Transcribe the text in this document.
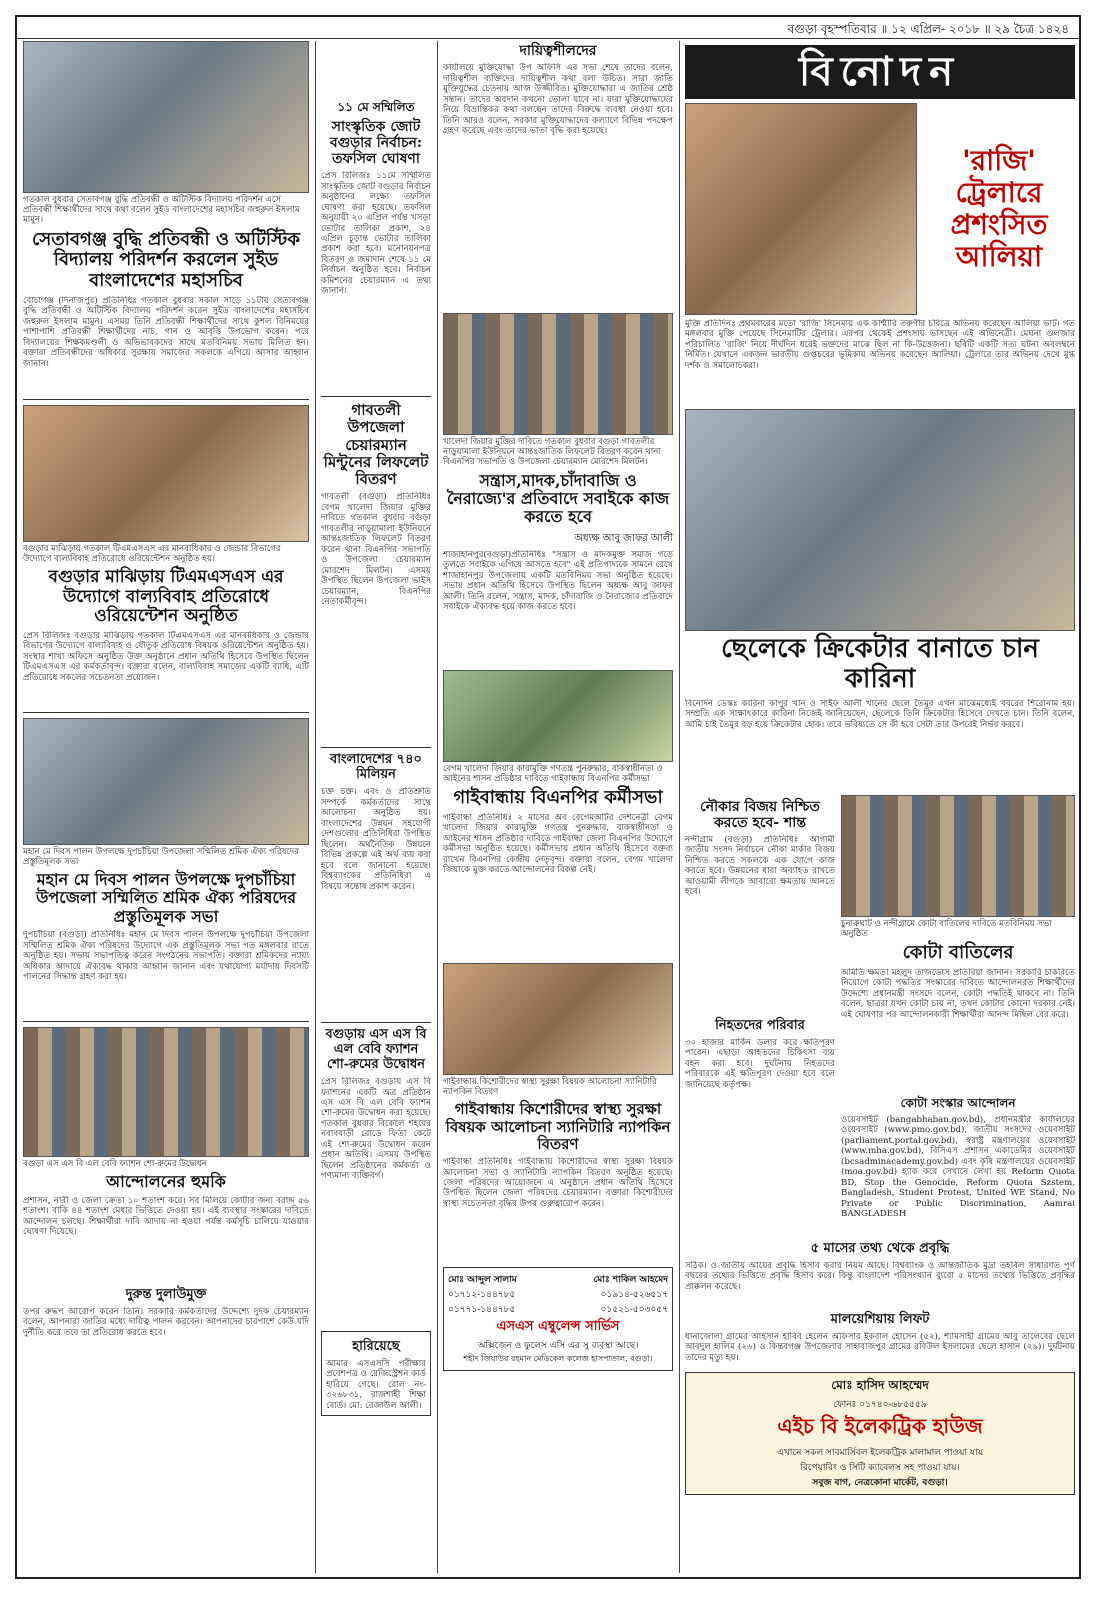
বগুড়া বৃহস্পতিবার ॥ ১২ এপ্রিল- ২০১৮ ॥ ২৯ চৈত্র ১৪২৪
গতকাল বুধবার সেতাবগঞ্জ বুদ্ধি প্রতিবন্ধী ও অটিস্টিক বিদ্যালয় পরিদর্শন এসে প্রতিবন্ধী শিক্ষার্থীদের সাথে কথা বলেন সুইড বাংলাদেশের মহাসচিব জহুরুল ইসলাম মামুন।
সেতাবগঞ্জ বুদ্ধি প্রতিবন্ধী ও অটিস্টিক বিদ্যালয় পরিদর্শন করলেন সুইড বাংলাদেশের মহাসচিব
বোচাগঞ্জ (দিনাজপুর) প্রতিনিধিঃ গতকাল বুধবার সকাল সাড়ে ১১টায় সেতাবগঞ্জ বুদ্ধি প্রতিবন্ধী ও অটিস্টিক বিদ্যালয় পরিদর্শন করেন সুইড বাংলাদেশের মহাসচিব জহুরুল ইসলাম মামুন। এসময় তিনি প্রতিবন্ধী শিক্ষার্থীদের সাথে কুশল বিনিময়ের পাশাপাশি প্রতিবন্ধী শিক্ষার্থীদের নাচ, গান ও আবৃত্তি উপভোগ করেন। পরে বিদ্যালয়ের শিক্ষকমণ্ডলী ও অভিভাবকদের সাথে মতবিনিময় সভায় মিলিত হন। বক্তারা প্রতিবন্ধীদের অধিকার সুরক্ষায় সমাজের সকলকে এগিয়ে আসার আহ্বান জানান।
বগুড়ার মাঝিড়ায় গতকাল টিএমএসএস এর মানবাধিকার ও জেন্ডার বিভাগের উদ্যোগে বাল্যবিবাহ প্রতিরোধে ওরিয়েন্টেশন অনুষ্ঠিত হয়।
বগুড়ার মাঝিড়ায় টিএমএসএস এর উদ্যোগে বাল্যবিবাহ প্রতিরোধে ওরিয়েন্টেশন অনুষ্ঠিত
প্রেস রিলিজঃ বগুড়ার মাঝিড়ায় গতকাল টিএমএসএস এর মানবাধিকার ও জেন্ডার বিভাগের উদ্যোগে বাল্যবিবাহ ও যৌতুক প্রতিরোধ বিষয়ক ওরিয়েন্টেশন অনুষ্ঠিত হয়। সংস্থার শাখা অফিসে অনুষ্ঠিত উক্ত অনুষ্ঠানে প্রধান অতিথি হিসেবে উপস্থিত ছিলেন টিএমএসএস এর কর্মকর্তাবৃন্দ। বক্তারা বলেন, বাল্যবিবাহ সমাজের একটি ব্যাধি, এটি প্রতিরোধে সকলের সচেতনতা প্রয়োজন।
মহান মে দিবস পালন উপলক্ষে দুপচাঁচিয়া উপজেলা সম্মিলিত শ্রমিক ঐক্য পরিষদের প্রস্তুতিমূলক সভা
মহান মে দিবস পালন উপলক্ষে দুপচাঁচিয়া উপজেলা সম্মিলিত শ্রমিক ঐক্য পরিষদের প্রস্তুতিমূলক সভা
দুপচাঁচিয়া (বগুড়া) প্রতিনিধিঃ মহান মে দিবস পালন উপলক্ষে দুপচাঁচিয়া উপজেলা সম্মিলিত শ্রমিক ঐক্য পরিষদের উদ্যোগে এক প্রস্তুতিমূলক সভা গত মঙ্গলবার রাতে অনুষ্ঠিত হয়। সভায় সভাপতিত্ব করেন সংগঠনের সভাপতি। বক্তারা শ্রমিকদের ন্যায্য অধিকার আদায়ে ঐক্যবদ্ধ থাকার আহ্বান জানান এবং যথাযোগ্য মর্যাদায় দিবসটি পালনের সিদ্ধান্ত গ্রহণ করা হয়।
বগুড়া এস এস বি এল বেবি ফ্যাশন শো-রুমের উদ্বোধন
আন্দোলনের হুমকি
প্রশাসন, নারী ও জেলা ক্রেতা ১০ শতাংশ করে। সব মিলিয়ে কোটার জন্য বরাদ্দ ৫৬ শতাংশ। বাকি ৪৪ শতাংশ মেধার ভিত্তিতে দেওয়া হয়। এই ব্যবস্থার সংস্কারের দাবিতে আন্দোলন চলছে। শিক্ষার্থীরা দাবি আদায় না হওয়া পর্যন্ত কর্মসূচি চালিয়ে যাওয়ার ঘোষণা দিয়েছে।
দুরুন্ত দুলাউমুক্ত
তপর রুদ্ধপ আরোপ করেন তিনি। সরকারি কর্মকর্তাদের উদ্দেশ্যে দুদক চেয়ারম্যান বলেন, আপনারা জাতির মধ্যে দায়িত্ব পালন করবেন। আপনাদের চারপাশে কেউ যদি দুর্নীতি করে তবে তা প্রতিরোধ করতে হবে।
১১ মে সম্মিলিত
সাংস্কৃতিক জোট বগুড়ার নির্বাচন: তফসিল ঘোষণা
প্রেস রিলিজঃ ১১মে সম্মিলিত সাংস্কৃতিক জোট বগুড়ার নির্বাচন অনুষ্ঠানের লক্ষ্যে তফসিল ঘোষণা করা হয়েছে। তফসিল অনুযায়ী ২০ এপ্রিল পর্যন্ত খসড়া ভোটার তালিকা প্রকাশ, ২৪ এপ্রিল চূড়ান্ত ভোটার তালিকা প্রকাশ করা হবে। মনোনয়নপত্র বিতরণ ও জমাদান শেষে ১১ মে নির্বাচন অনুষ্ঠিত হবে। নির্বাচন কমিশনের চেয়ারম্যান এ তথ্য জানান।
গাবতলী উপজেলা চেয়ারম্যান মিন্টুনের লিফলেট বিতরণ
গাবতলী (বগুড়া) প্রতিনিধিঃ বেগম খালেদা জিয়ার মুক্তির দাবিতে গতকাল বুধবার বগুড়া গাবতলীর নাড়ুয়ামালা ইউনিয়নে আন্তঃজাতিক লিফলেট বিতরণ করেন থানা বিএনপির সভাপতি ও উপজেলা চেয়ারম্যান মোরশেদ মিলটন। এসময় উপস্থিত ছিলেন উপজেলা ভাইস চেয়ারম্যান, বিএনপির নেতাকর্মীবৃন্দ।
বাংলাদেশের ৭৪০ মিলিয়ন
চক্ত চক্ত। এবং ও প্রতিশ্রুতি সম্পর্কে কর্মকর্তাদের সাথে আলোচনা অনুষ্ঠিত হয়। বাংলাদেশের উন্নয়ন সহযোগী দেশগুলোর প্রতিনিধিরা উপস্থিত ছিলেন। অর্থনৈতিক উন্নয়নে বিভিন্ন প্রকল্পে এই অর্থ ব্যয় করা হবে বলে জানানো হয়েছে। বিশ্বব্যাংকের প্রতিনিধিরা এ বিষয়ে সন্তোষ প্রকাশ করেন।
বগুড়ায় এস এস বি এল বেবি ফ্যাশন শো-রুমের উদ্বোধন
প্রেস রিলিজঃ বগুড়ায় এস বি ফ্যাশনের একটি অত্র প্রতিষ্ঠান এস এস বি এল বেবি ফ্যাশন শো-রুমের উদ্বোধন করা হয়েছে। গতকাল বুধবার বিকেলে শহরের নবাববাড়ী রোডে ফিতা কেটে এই শো-রুমের উদ্বোধন করেন প্রধান অতিথি। এসময় উপস্থিত ছিলেন প্রতিষ্ঠানের কর্মকর্তা ও গণ্যমান্য ব্যক্তিবর্গ।
হারিয়েছে
আমার এসএসসি পরীক্ষার প্রবেশপত্র ও রেজিস্ট্রেশন কার্ড হারিয়ে গেছে। রোল নং- ৩২৬৮৩১, রাজশাহী শিক্ষা বোর্ড। মো: রেজাউল আলী।
দায়িত্বশীলদের
কার্যালয়ে মুক্তিযোদ্ধা উপ অফিসি এর সভা শেষে তাদের বলেন, দায়িত্বশীল ব্যক্তিদের দায়িত্বশীল কথা বলা উচিত। সারা জাতি মুক্তিযুদ্ধের চেতনায় আজ উজ্জীবিত। মুক্তিযোদ্ধারা এ জাতির শ্রেষ্ঠ সন্তান। তাদের অবদান কখনো ভোলা যাবে না। যারা মুক্তিযোদ্ধাদের নিয়ে বিভ্রান্তিকর কথা বলছেন তাদের বিরুদ্ধে ব্যবস্থা নেওয়া হবে। তিনি আরও বলেন, সরকার মুক্তিযোদ্ধাদের কল্যাণে বিভিন্ন পদক্ষেপ গ্রহণ করেছে এবং তাদের ভাতা বৃদ্ধি করা হয়েছে।
খালেদা জিয়ার মুক্তির দাবিতে গতকাল বুধবার বগুড়া গাবতলীর নাড়ুয়ামালা ইউনিয়নে আন্তঃজাতিক লিফলেট বিতরণ করেন থানা বিএনপির সভাপতি ও উপজেলা চেয়ারম্যান মোরশেদ মিলটন।
সন্ত্রাস,মাদক,চাঁদাবাজি ও নৈরাজ্যে'র প্রতিবাদে সবাইকে কাজ করতে হবে
অধ্যক্ষ আবু জাফর আলী
শাজাহানপুর(বগুড়া)প্রতিনিধিঃ "সন্ত্রাস ও মাদকমুক্ত সমাজ গড়ে তুলতে সবাইকে এগিয়ে আসতে হবে" এই প্রতিপাদ্যকে সামনে রেখে শাজাহানপুর উপজেলায় একটি মতবিনিময় সভা অনুষ্ঠিত হয়েছে। সভায় প্রধান অতিথি হিসেবে উপস্থিত ছিলেন অধ্যক্ষ আবু জাফর আলী। তিনি বলেন, সন্ত্রাস, মাদক, চাঁদাবাজি ও নৈরাজ্যের প্রতিবাদে সবাইকে ঐক্যবদ্ধ হয়ে কাজ করতে হবে।
বেগম খালেদা জিয়ার কারামুক্তি গণতন্ত্র পুনরুদ্ধার, বাকস্বাধীনতা ও আইনের শাসন প্রতিষ্ঠার দাবিতে গাইবান্ধায় বিএনপির কর্মীসভা
গাইবান্ধায় বিএনপির কর্মীসভা
গাইবান্ধা প্রতিনিধিঃ ২ মাসের অব বেগেমঅটির দেশনেত্রী বেগম খালেদা জিয়ার কারামুক্তি গণতন্ত্র পুনরুদ্ধার, বাকস্বাধীনতা ও আইনের শাসন প্রতিষ্ঠার দাবিতে গাইবান্ধা জেলা বিএনপির উদ্যোগে কর্মীসভা অনুষ্ঠিত হয়েছে। কর্মীসভায় প্রধান অতিথি হিসেবে বক্তব্য রাখেন বিএনপির কেন্দ্রীয় নেতৃবৃন্দ। বক্তারা বলেন, বেগম খালেদা জিয়াকে মুক্ত করতে আন্দোলনের বিকল্প নেই।
গাইবান্ধায় কিশোরীদের স্বাস্থ্য সুরক্ষা বিষয়ক আলোচনা স্যানিটারি ন্যাপকিন বিতরণ
গাইবান্ধায় কিশোরীদের স্বাস্থ্য সুরক্ষা বিষয়ক আলোচনা স্যানিটারি ন্যাপকিন বিতরণ
গাইবান্ধা প্রতিনিধিঃ গাইবান্ধায় কিশোরীদের স্বাস্থ্য সুরক্ষা বিষয়ক আলোচনা সভা ও স্যানিটারি ন্যাপকিন বিতরণ অনুষ্ঠিত হয়েছে। জেলা পরিষদের আয়োজনে এ অনুষ্ঠানে প্রধান অতিথি হিসেবে উপস্থিত ছিলেন জেলা পরিষদের চেয়ারম্যান। বক্তারা কিশোরীদের স্বাস্থ্য সচেতনতা বৃদ্ধির উপর গুরুত্বারোপ করেন।
মোঃ আব্দুল সালাম	মোঃ শাকিল আহমেদ
০১৭১২-১৪৪৭৮৫	০১৯১৪-৫২৬৫১৭
০১৭৭১-১৪৪৭৮৫	০১৫২১-৫০৩০৫৭
এসএস এম্বুলেন্স সার্ভিস
অক্সিজেন ও ফুলেস এসি এর সু ব্যবস্থা আছে।
শহীদ জিয়াউর রহমান মেডিকেল কলেজ হাসপাতাল, বগুড়া।
বিনোদন
'রাজি' ট্রেলারে প্রশংসিত আলিয়া
মুক্তি প্রতিদিনঃ প্রথমবারের মতো 'রাজি' সিনেমায় এক কাশ্মীরি তরুণীর চরিত্রে অভিনয় করেছেন আলিয়া ভাট। গত মঙ্গলবার মুক্তি পেয়েছে সিনেমাটির ট্রেলার। এরপর থেকেই প্রশংসায় ভাসছেন এই অভিনেত্রী। মেঘনা গুলজার পরিচালিত 'রাজি' নিয়ে দীর্ঘদিন ধরেই ভক্তদের মাঝে ছিল না কি-উত্তেজনা। ছবিটি একটি সত্য ঘটনা অবলম্বনে নির্মিত। যেখানে একজন ভারতীয় গুপ্তচরের ভূমিকায় অভিনয় করেছেন আলিয়া। ট্রেলারে তার অভিনয় দেখে মুগ্ধ দর্শক ও সমালোচকরা।
ছেলেকে ক্রিকেটার বানাতে চান কারিনা
বিনোদন ডেস্কঃ কারিনা কাপুর খান ও সাইফ আলী খানের ছেলে তৈমুর এখন মাঝেমধ্যেই খবরের শিরোনাম হয়। সম্প্রতি এক সাক্ষাৎকারে কারিনা নিজেই জানিয়েছেন, ছেলেকে তিনি ক্রিকেটার হিসেবে দেখতে চান। তিনি বলেন, আমি চাই তৈমুর বড় হয়ে ক্রিকেটার হোক। তবে ভবিষ্যতে সে কী হবে সেটা তার উপরেই নির্ভর করবে।
নৌকার বিজয় নিশ্চিত করতে হবে- শান্ত
নন্দীগ্রাম (বগুড়া) প্রতিনিধিঃ আগামী জাতীয় সংসদ নির্বাচনে নৌকা মার্কার বিজয় নিশ্চিত করতে সকলকে এক যোগে কাজ করতে হবে। উন্নয়নের ধারা অব্যাহত রাখতে আওয়ামী লীগকে আবারো ক্ষমতায় আনতে হবে।
নিহতদের পরিবার
৩০ হাজার মার্কিন ডলার করে ক্ষতিপূরণ পাবেন। এছাড়া আহতদের চিকিৎসা ব্যয় বহন করা হবে। দুর্ঘটনায় নিহতদের পরিবারকে এই ক্ষতিপূরণ দেওয়া হবে বলে জানিয়েছে কর্তৃপক্ষ।
চুনারুঘাট ও নন্দীগ্রামে কোটা বাতিলের দাবিতে মতবিনিময় সভা অনুষ্ঠিত
কোটা বাতিলের
অমিতি ক্ষমতা মহলুদ তাজডোস প্রতিরিয়া জানান। সরকারি চাকরিতে নিয়োগে কোটা পদ্ধতির সংস্কারের দাবিতে আন্দোলনরত শিক্ষার্থীদের উদ্দেশ্যে প্রধানমন্ত্রী সংসদে বলেন, কোটা পদ্ধতিই থাকবে না। তিনি বলেন, ছাত্ররা যখন কোটা চায় না, তখন কোটার কোনো দরকার নেই। এই ঘোষণার পর আন্দোলনকারী শিক্ষার্থীরা আনন্দ মিছিল বের করে।
কোটা সংস্কার আন্দোলন
ওয়েবসাইট (bangabhaban.gov.bd), প্রধানমন্ত্রীর কার্যালয়ের ওয়েবসাইট (www.pmo.gov.bd), জাতীয় সংসদের ওয়েবসাইট (parliament.portal.gov.bd), স্বরাষ্ট্র মন্ত্রণালয়ের ওয়েবসাইট (www.mha.gov.bd), বিসিএস প্রশাসন একাডেমির ওয়েবসাইট (bcsadminacademy.gov.bd) এবং কৃষি মন্ত্রণালয়ের ওয়েবসাইট (moa.gov.bd) হ্যাক করে সেখানে লেখা হয় Reform Quota BD, Stop the Genocide, Reform Quota Szstem, Bangladesh, Student Protest, United WE Stand, No Private or Public Discrimination, Aamrai BANGLADESH
৫ মাসের তথ্য থেকে প্রবৃদ্ধি
সঠিক। ও জাতীয় আয়ের প্রবৃদ্ধি হিসাব করার নিয়ম আছে। বিশ্বব্যাংক ও আন্তর্জাতিক মুদ্রা তহবিল সাধারণত পূর্ণ বছরের তথ্যের ভিত্তিতে প্রবৃদ্ধি হিসাব করে। কিন্তু বাংলাদেশ পরিসংখ্যান ব্যুরো ৫ মাসের তথ্যের ভিত্তিতে প্রবৃদ্ধির প্রাক্কলন করেছে।
মালয়েশিয়ায় লিফট
ধানাজোলা গ্রামের আহসান হাবিব হেলেন অফিসার ইকবাল হোসেন (৫২), শ্যামসাহী গ্রামের আবু তালেবের ছেলে আবদুল হালিম (২৬) ও কিন্তবগঞ্জ উপজেলার সাহাবাজপুর গ্রামের রবিউল ইসলামের ছেলে হাসান (২৯)। দুর্ঘটনায় তাদের মৃত্যু হয়।
মোঃ হাসিদ আহম্মেদ
ফোনঃ ০১৭৪০-৬৮৫৫৫৯
এইচ বি ইলেকট্রিক হাউজ
এখানে সকল সাবমার্সিবল ইলেকট্রিক মালামাল পাওয়া যায়
রিপেয়ারিং ও সিটি ক্যাবেলস সহ পাওয়া যায়।
সবুজ বাগ, নেত্রকোনা মার্কেট, বগুড়া।
